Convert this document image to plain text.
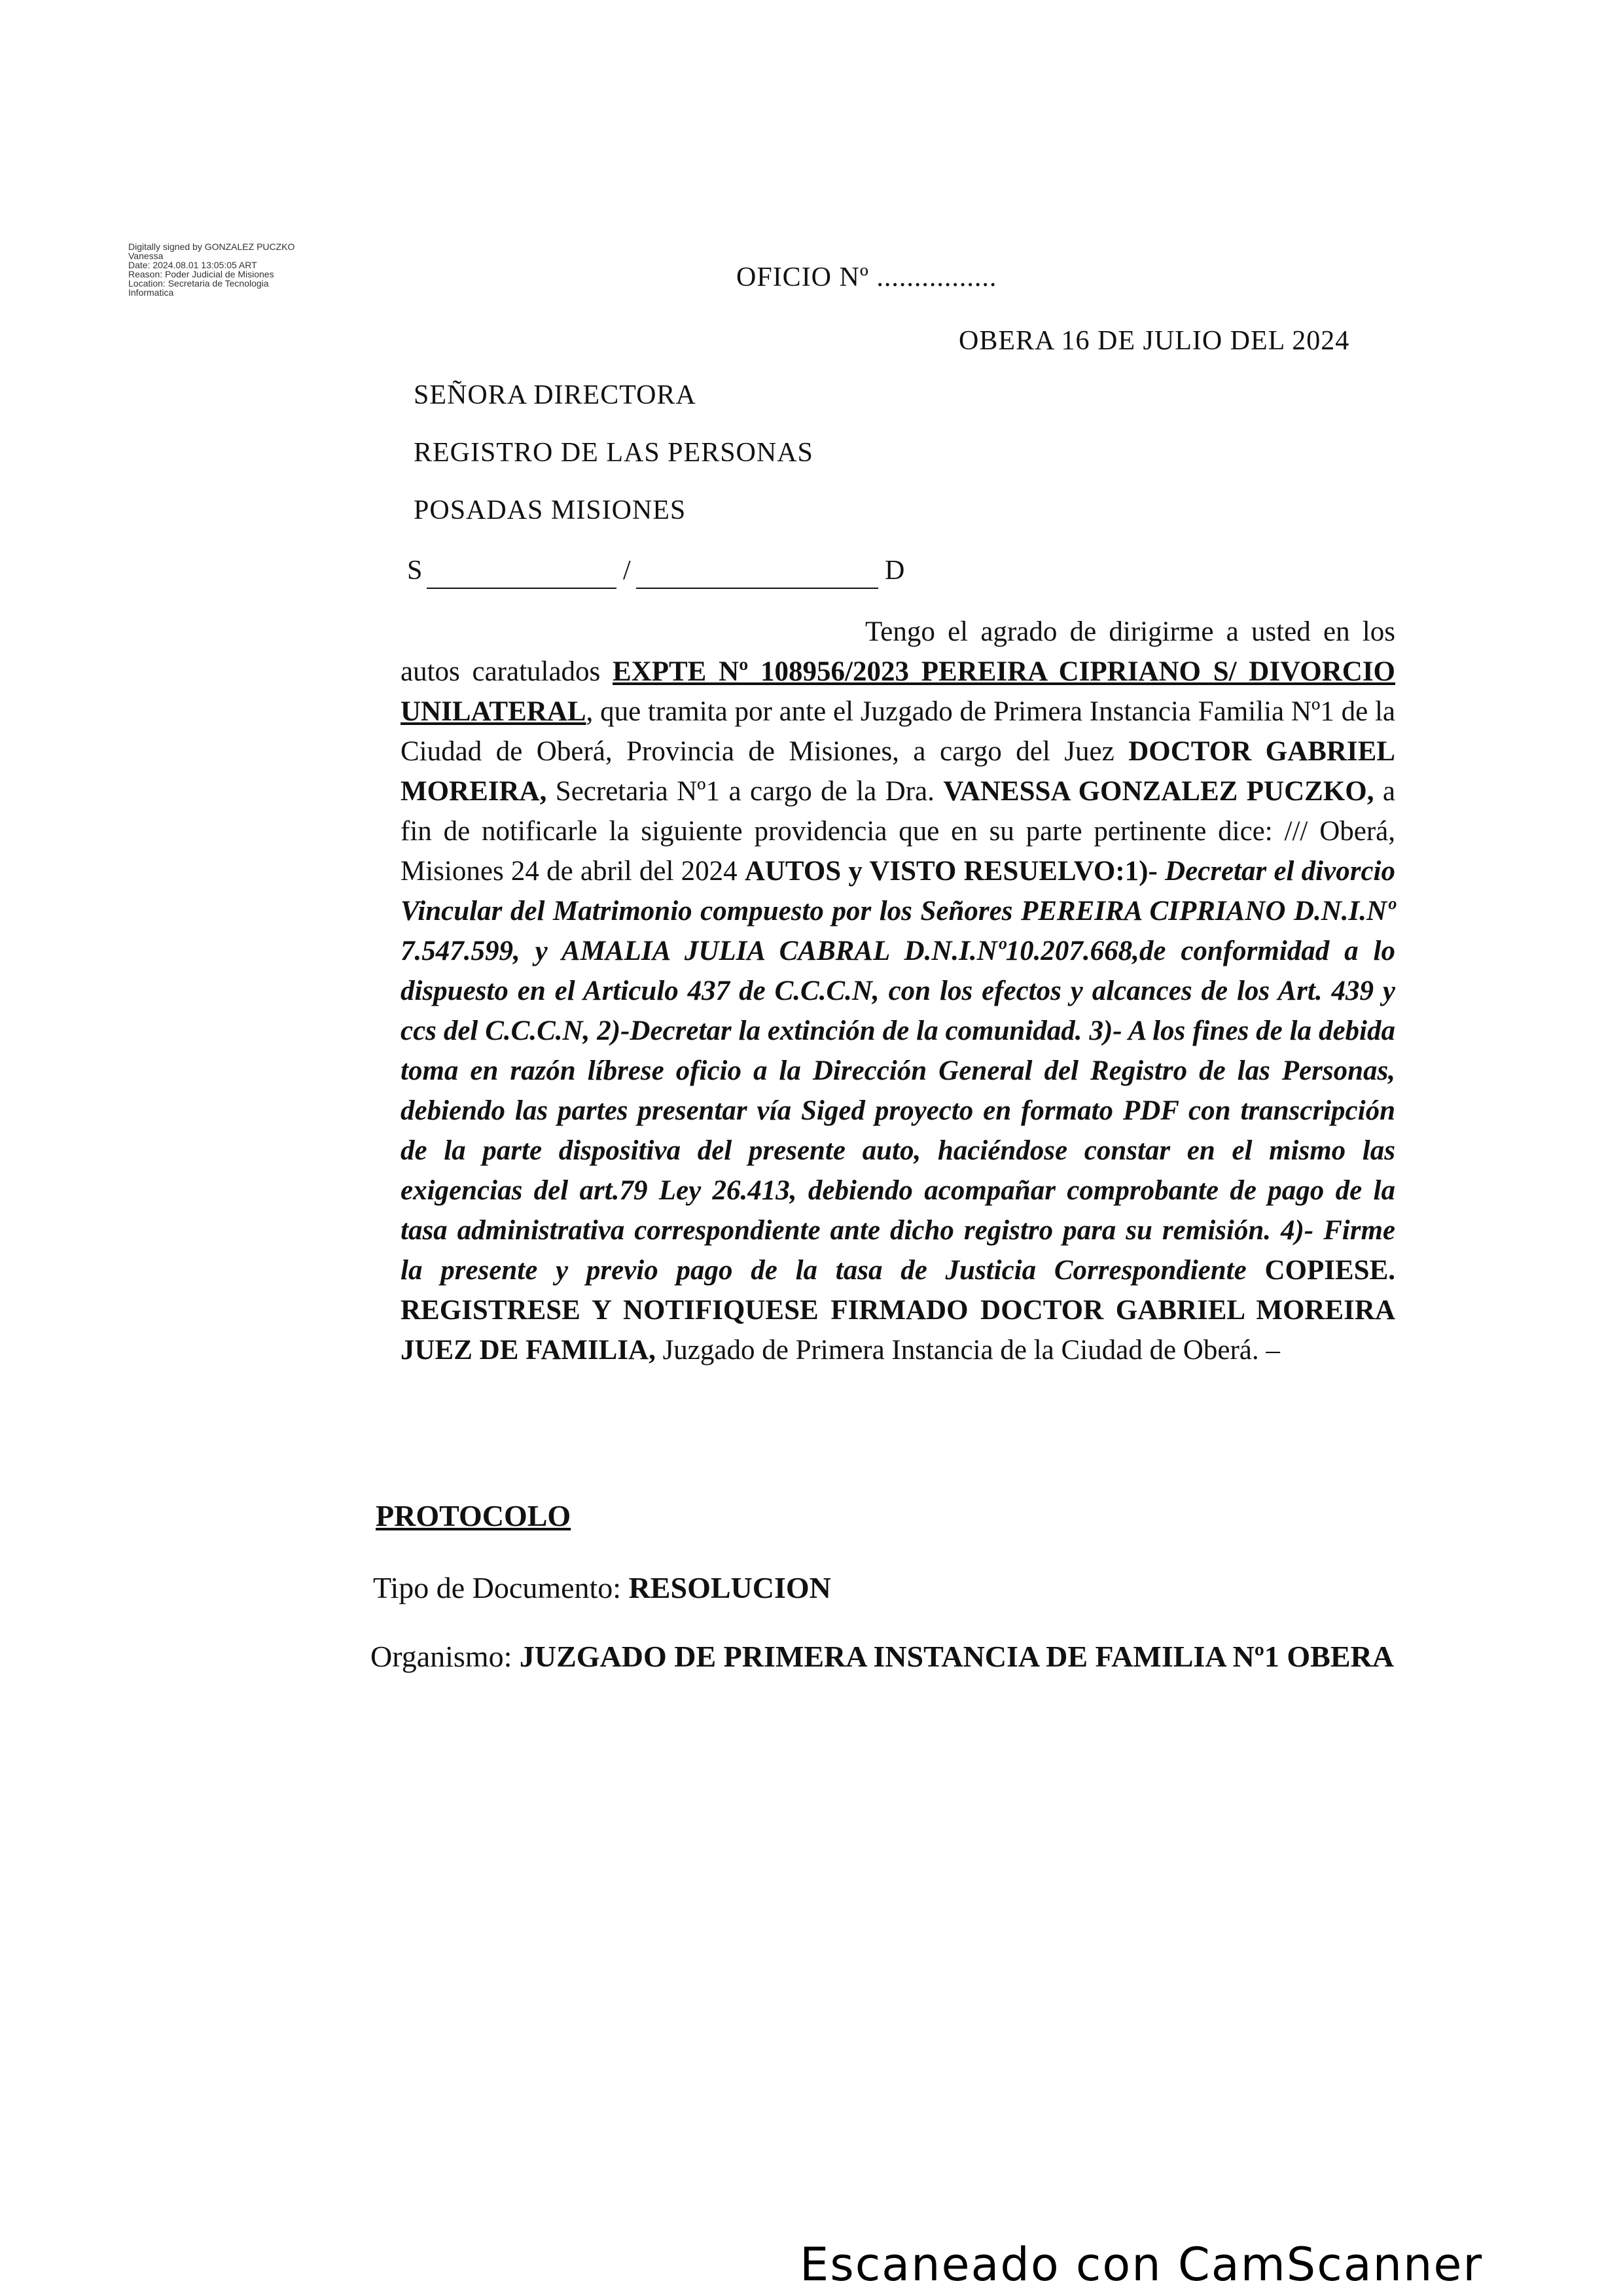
Digitally signed by GONZALEZ PUCZKO
Vanessa
Date: 2024.08.01 13:05:05 ART
Reason: Poder Judicial de Misiones
Location: Secretaria de Tecnologia
Informatica	OFICIO Nº ................
OBERA 16 DE JULIO DEL 2024
SEÑORA DIRECTORA
REGISTRO DE LAS PERSONAS
POSADAS MISIONES
S	/	D
Tengo el agrado de dirigirme a usted en los autos caratulados EXPTE Nº 108956/2023 PEREIRA CIPRIANO S/ DIVORCIO UNILATERAL, que tramita por ante el Juzgado de Primera Instancia Familia Nº1 de la Ciudad de Oberá, Provincia de Misiones, a cargo del Juez DOCTOR GABRIEL MOREIRA, Secretaria Nº1 a cargo de la Dra. VANESSA GONZALEZ PUCZKO, a fin de notificarle la siguiente providencia que en su parte pertinente dice: /// Oberá, Misiones 24 de abril del 2024 AUTOS y VISTO RESUELVO:1)- Decretar el divorcio Vincular del Matrimonio compuesto por los Señores PEREIRA CIPRIANO D.N.I.Nº 7.547.599, y AMALIA JULIA CABRAL D.N.I.Nº10.207.668,de conformidad a lo dispuesto en el Articulo 437 de C.C.C.N, con los efectos y alcances de los Art. 439 y ccs del C.C.C.N, 2)-Decretar la extinción de la comunidad. 3)- A los fines de la debida toma en razón líbrese oficio a la Dirección General del Registro de las Personas, debiendo las partes presentar vía Siged proyecto en formato PDF con transcripción de la parte dispositiva del presente auto, haciéndose constar en el mismo las exigencias del art.79 Ley 26.413, debiendo acompañar comprobante de pago de la tasa administrativa correspondiente ante dicho registro para su remisión. 4)- Firme la presente y previo pago de la tasa de Justicia Correspondiente COPIESE. REGISTRESE Y NOTIFIQUESE FIRMADO DOCTOR GABRIEL MOREIRA JUEZ DE FAMILIA, Juzgado de Primera Instancia de la Ciudad de Oberá. –
PROTOCOLO
Tipo de Documento: RESOLUCION
Organismo: JUZGADO DE PRIMERA INSTANCIA DE FAMILIA Nº1 OBERA
Escaneado con CamScanner
